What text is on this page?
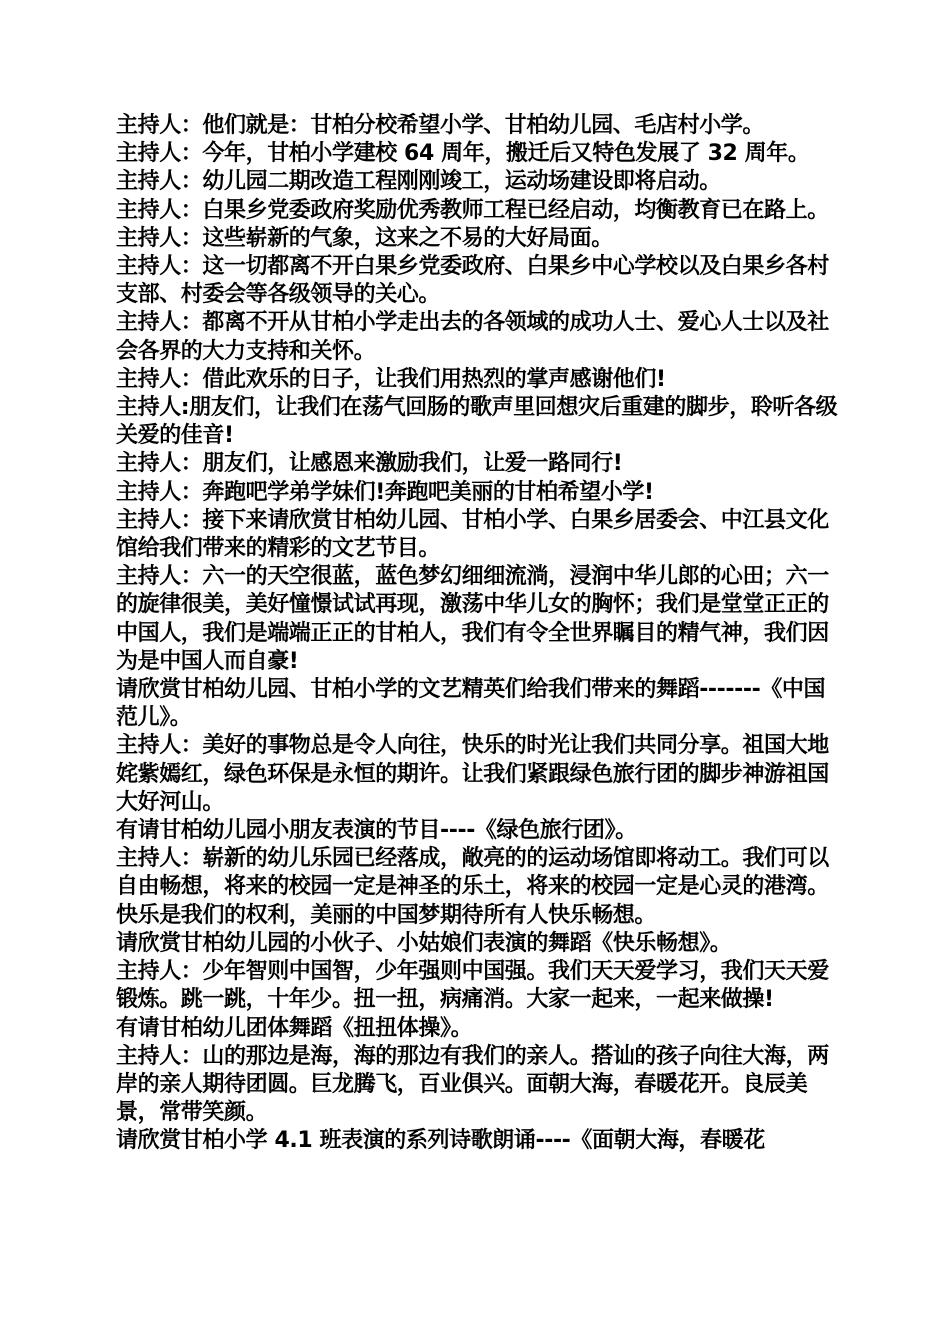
主持人：他们就是：甘柏分校希望小学、甘柏幼儿园、毛店村小学。

主持人：今年，甘柏小学建校 64 周年，搬迁后又特色发展了 32 周年。 主持人：幼儿园二期改造工程刚刚竣工，运动场建设即将启动。

主持人：白果乡党委政府奖励优秀教师工程已经启动，均衡教育已在路上。

主持人：这些崭新的气象，这来之不易的大好局面。

主持人：这一切都离不开白果乡党委政府、白果乡中心学校以及白果乡各村支部、村委会等各级领导的关心。

主持人：都离不开从甘柏小学走出去的各领域的成功人士、爱心人士以及社会各界的大力支持和关怀。

主持人：借此欢乐的日子，让我们用热烈的掌声感谢他们!

主持人:朋友们，让我们在荡气回肠的歌声里回想灾后重建的脚步，聆听各级关爱的佳音!

主持人：朋友们，让感恩来激励我们，让爱一路同行!

主持人：奔跑吧学弟学妹们!奔跑吧美丽的甘柏希望小学!

主持人：接下来请欣赏甘柏幼儿园、甘柏小学、白果乡居委会、中江县文化馆给我们带来的精彩的文艺节目。

主持人：六一的天空很蓝，蓝色梦幻细细流淌，浸润中华儿郎的心田；六一的旋律很美，美好憧憬试试再现，激荡中华儿女的胸怀；我们是堂堂正正的中国人，我们是端端正正的甘柏人，我们有令全世界瞩目的精气神，我们因为是中国人而自豪!

请欣赏甘柏幼儿园、甘柏小学的文艺精英们给我们带来的舞蹈-------《中国范儿》。

主持人：美好的事物总是令人向往，快乐的时光让我们共同分享。祖国大地姹紫嫣红，绿色环保是永恒的期许。让我们紧跟绿色旅行团的脚步神游祖国大好河山。

有请甘柏幼儿园小朋友表演的节目----《绿色旅行团》。

主持人：崭新的幼儿乐园已经落成，敞亮的的运动场馆即将动工。我们可以自由畅想，将来的校园一定是神圣的乐土，将来的校园一定是心灵的港湾。快乐是我们的权利，美丽的中国梦期待所有人快乐畅想。

请欣赏甘柏幼儿园的小伙子、小姑娘们表演的舞蹈《快乐畅想》。

主持人：少年智则中国智，少年强则中国强。我们天天爱学习，我们天天爱锻炼。跳一跳，十年少。扭一扭，病痛消。大家一起来，一起来做操!

有请甘柏幼儿团体舞蹈《扭扭体操》。

主持人：山的那边是海，海的那边有我们的亲人。搭讪的孩子向往大海，两岸的亲人期待团圆。巨龙腾飞，百业俱兴。面朝大海，春暖花开。良辰美景，常带笑颜。

请欣赏甘柏小学 4.1 班表演的系列诗歌朗诵----《面朝大海，春暖花
